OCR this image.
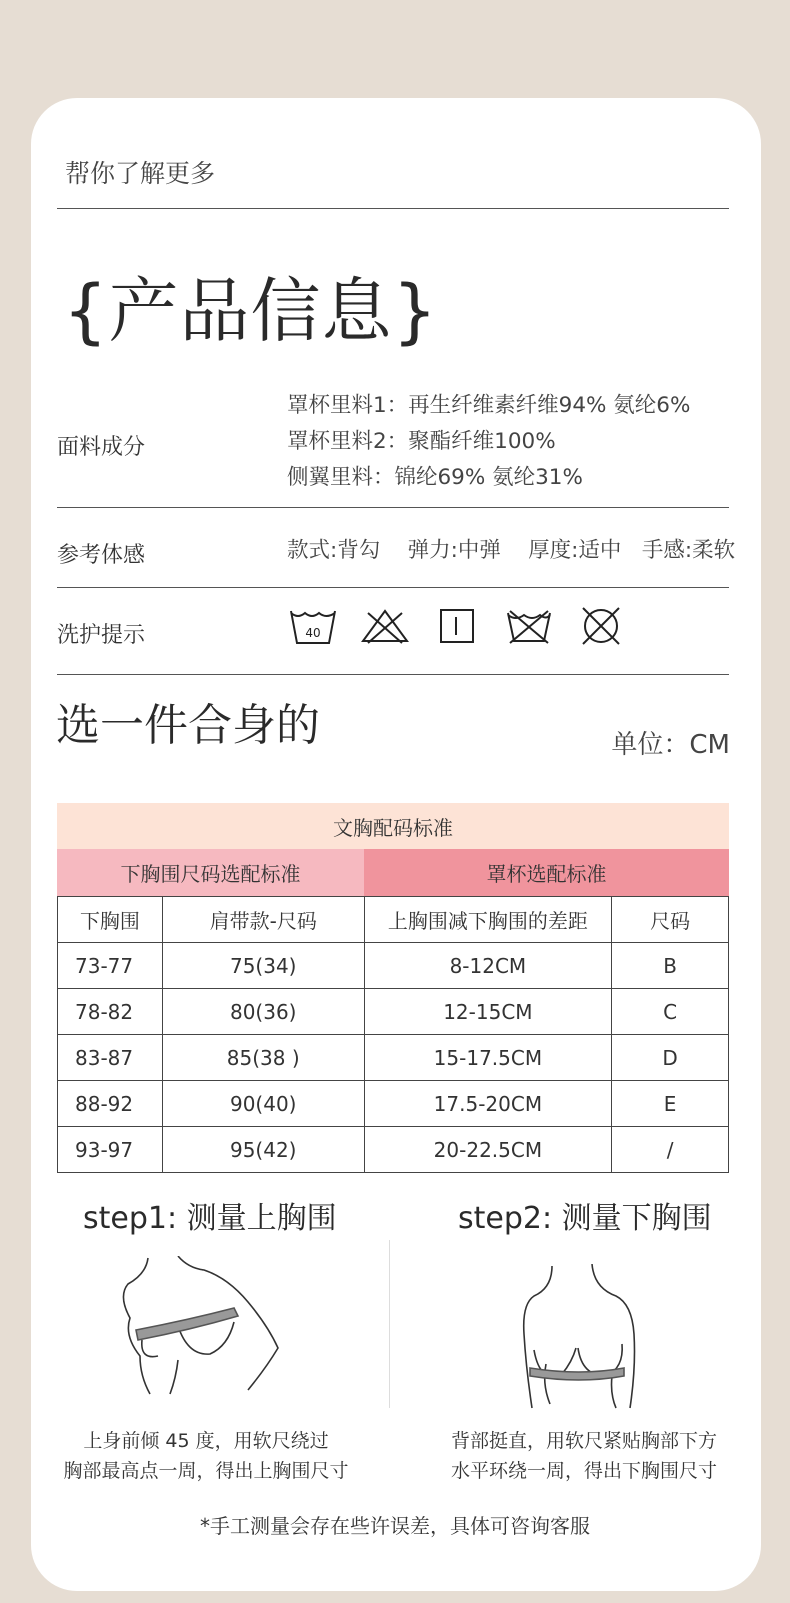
帮你了解更多
{产品信息}
面料成分
罩杯里料1：再生纤维素纤维94% 氨纶6%
罩杯里料2：聚酯纤维100%
侧翼里料：锦纶69% 氨纶31%
参考体感	款式:背勾    弹力:中弹    厚度:适中   手感:柔软
洗护提示	40
选一件合身的	单位：CM
文胸配码标准
下胸围尺码选配标准	罩杯选配标准
下胸围	肩带款-尺码	上胸围减下胸围的差距	尺码
73-77	75(34)	8-12CM	B
78-82	80(36)	12-15CM	C
83-87	85(38 )	15-17.5CM	D
88-92	90(40)	17.5-20CM	E
93-97	95(42)	20-22.5CM	/
step1: 测量上胸围	step2: 测量下胸围
上身前倾 45 度，用软尺绕过
胸部最高点一周，得出上胸围尺寸
背部挺直，用软尺紧贴胸部下方
水平环绕一周，得出下胸围尺寸
*手工测量会存在些许误差，具体可咨询客服
